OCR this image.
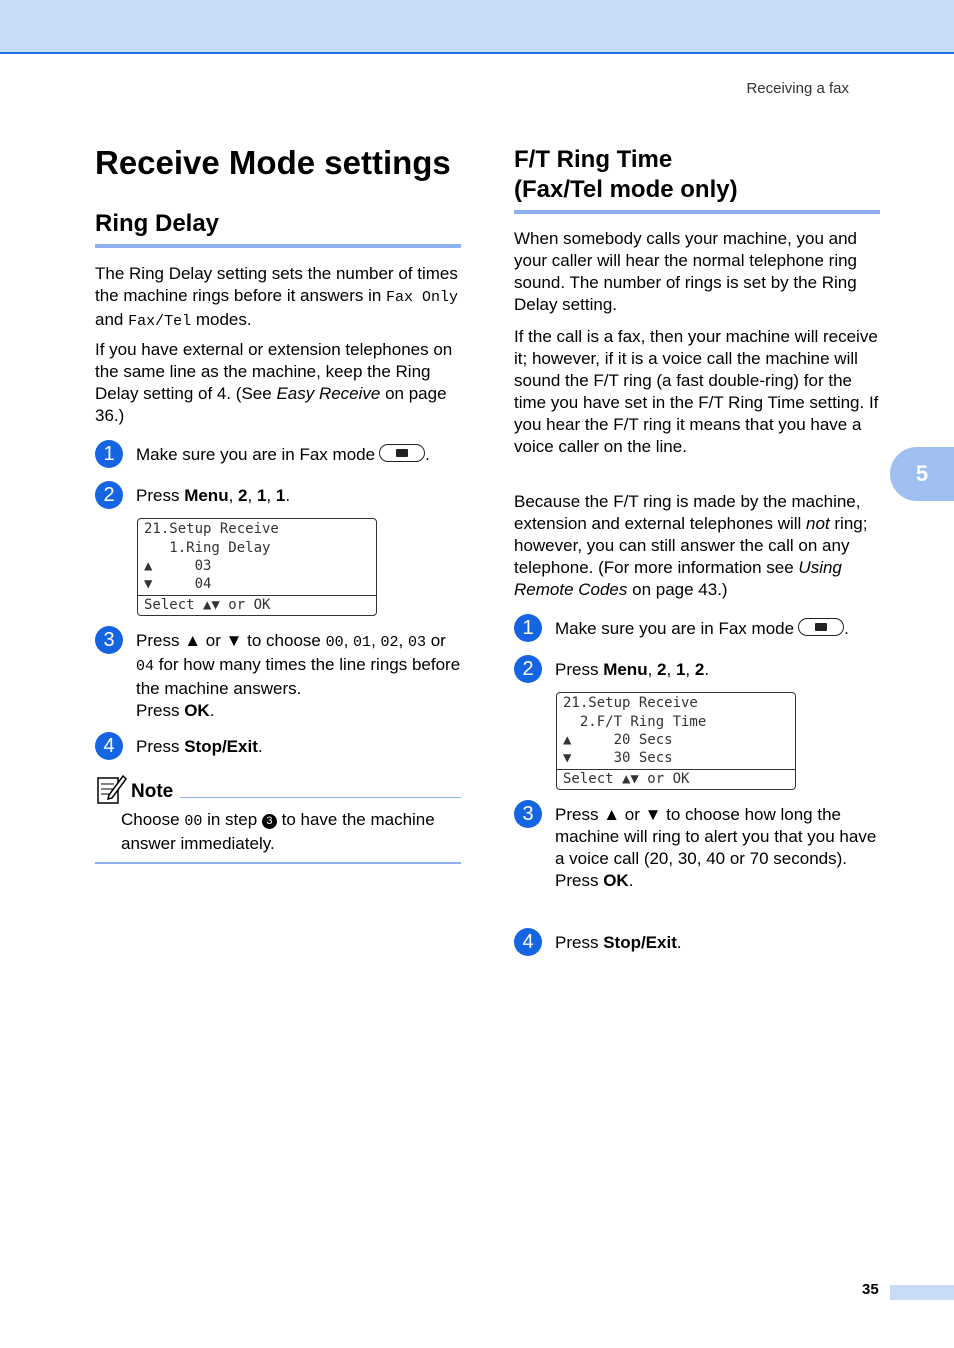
Receiving a fax
5
Receive Mode settings
Ring Delay

The Ring Delay setting sets the number of times the machine rings before it answers in Fax Only and Fax/Tel modes.

If you have external or extension telephones on the same line as the machine, keep the Ring Delay setting of 4. (See Easy Receive on page 36.)

1	Make sure you are in Fax mode	.
2	Press Menu, 2, 1, 1.
21.Setup Receive
1.Ring Delay
▲     03
▼     04
Select ▲▼ or OK
3	Press ▲ or ▼ to choose 00, 01, 02, 03 or 04 for how many times the line rings before the machine answers.
Press OK.
4	Press Stop/Exit.
Note

Choose 00 in step 3 to have the machine answer immediately.

F/T Ring Time
(Fax/Tel mode only)

When somebody calls your machine, you and your caller will hear the normal telephone ring sound. The number of rings is set by the Ring Delay setting.

If the call is a fax, then your machine will receive it; however, if it is a voice call the machine will sound the F/T ring (a fast double-ring) for the time you have set in the F/T Ring Time setting. If you hear the F/T ring it means that you have a voice caller on the line.

Because the F/T ring is made by the machine, extension and external telephones will not ring; however, you can still answer the call on any telephone. (For more information see Using Remote Codes on page 43.)

1	Make sure you are in Fax mode	.
2	Press Menu, 2, 1, 2.
21.Setup Receive
2.F/T Ring Time
▲     20 Secs
▼     30 Secs
Select ▲▼ or OK
3	Press ▲ or ▼ to choose how long the machine will ring to alert you that you have a voice call (20, 30, 40 or 70 seconds).
Press OK.
4	Press Stop/Exit.
35
